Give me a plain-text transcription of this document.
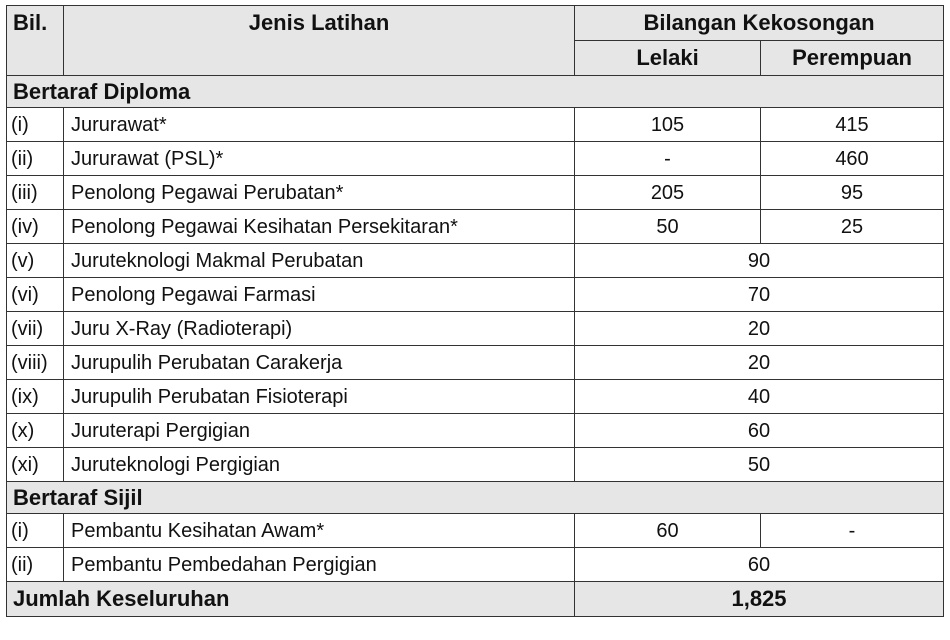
Bil.	Jenis Latihan	Bilangan Kekosongan	
		Lelaki	Perempuan
Bertaraf Diploma			
(i)	Jururawat*	105	415
(ii)	Jururawat (PSL)*	-	460
(iii)	Penolong Pegawai Perubatan*	205	95
(iv)	Penolong Pegawai Kesihatan Persekitaran*	50	25
(v)	Juruteknologi Makmal Perubatan	90	
(vi)	Penolong Pegawai Farmasi	70	
(vii)	Juru X-Ray (Radioterapi)	20	
(viii)	Jurupulih Perubatan Carakerja	20	
(ix)	Jurupulih Perubatan Fisioterapi	40	
(x)	Juruterapi Pergigian	60	
(xi)	Juruteknologi Pergigian	50	
Bertaraf Sijil			
(i)	Pembantu Kesihatan Awam*	60	-
(ii)	Pembantu Pembedahan Pergigian	60	
Jumlah Keseluruhan		1,825	
